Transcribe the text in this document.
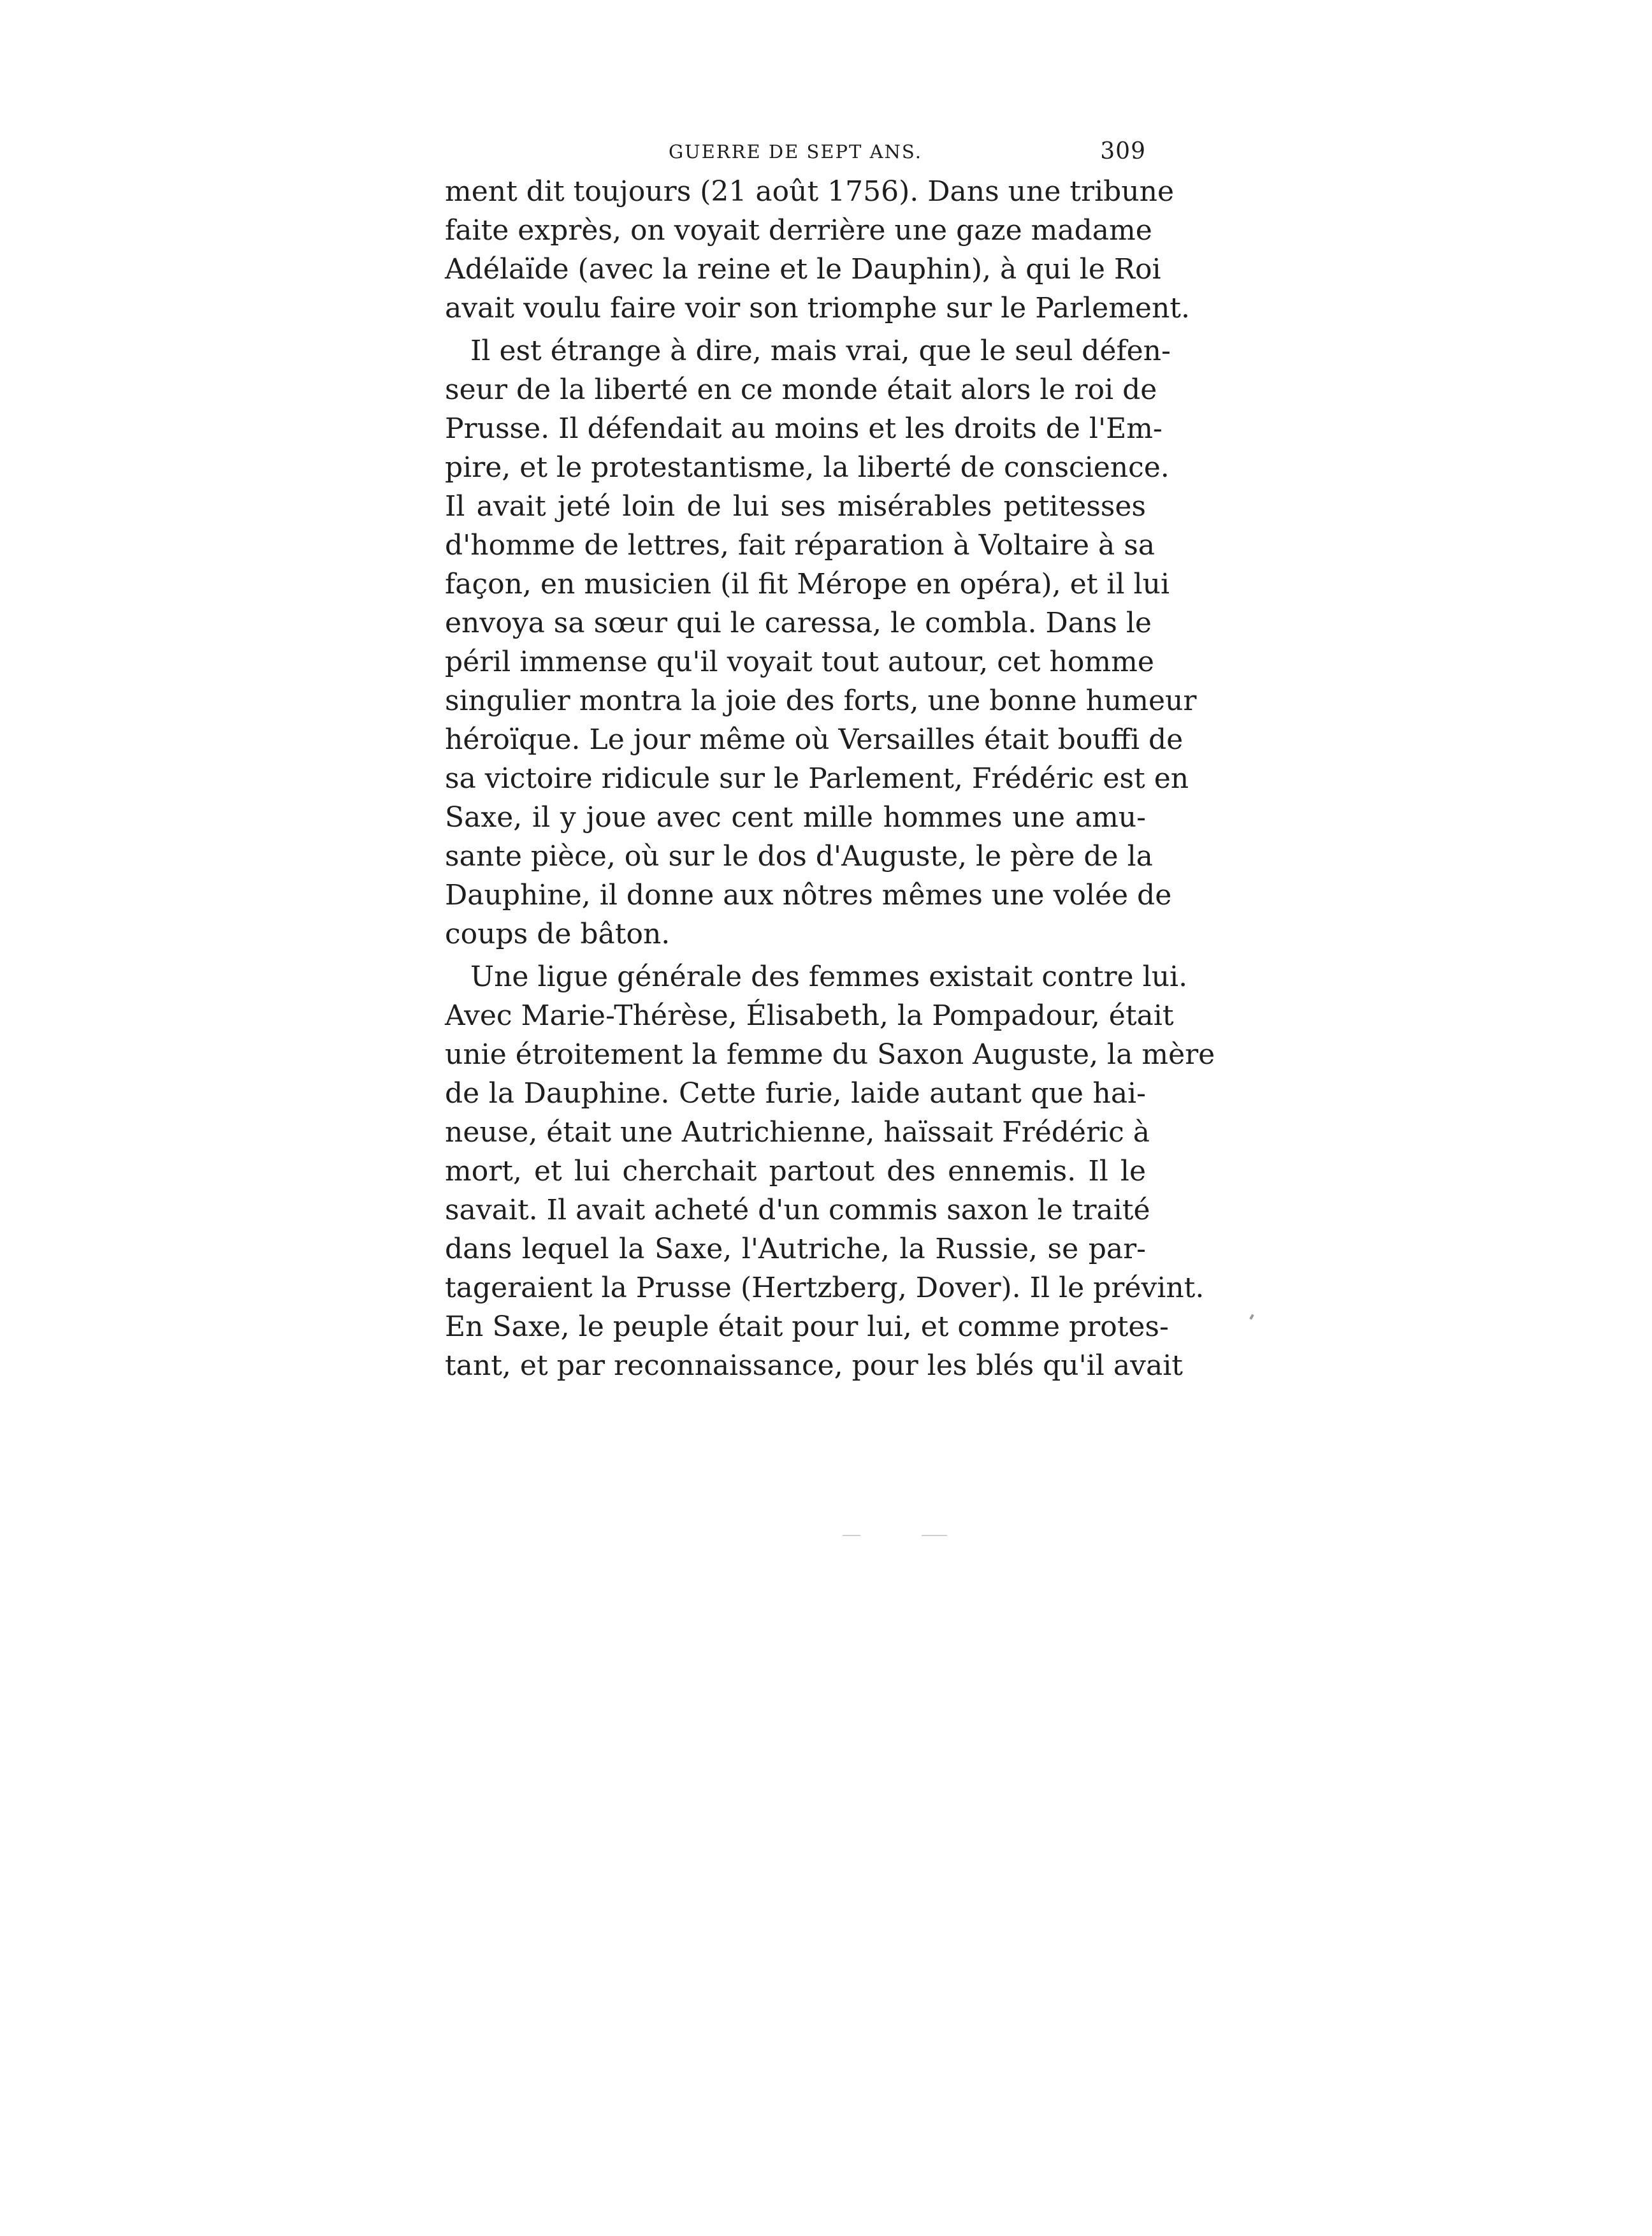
GUERRE DE SEPT ANS.	309
ment dit toujours (21 août 1756). Dans une tribune
faite exprès, on voyait derrière une gaze madame
Adélaïde (avec la reine et le Dauphin), à qui le Roi
avait voulu faire voir son triomphe sur le Parlement.
Il est étrange à dire, mais vrai, que le seul défen-
seur de la liberté en ce monde était alors le roi de
Prusse. Il défendait au moins et les droits de l'Em-
pire, et le protestantisme, la liberté de conscience.
Il avait jeté loin de lui ses misérables petitesses
d'homme de lettres, fait réparation à Voltaire à sa
façon, en musicien (il fit Mérope en opéra), et il lui
envoya sa sœur qui le caressa, le combla. Dans le
péril immense qu'il voyait tout autour, cet homme
singulier montra la joie des forts, une bonne humeur
héroïque. Le jour même où Versailles était bouffi de
sa victoire ridicule sur le Parlement, Frédéric est en
Saxe, il y joue avec cent mille hommes une amu-
sante pièce, où sur le dos d'Auguste, le père de la
Dauphine, il donne aux nôtres mêmes une volée de
coups de bâton.
Une ligue générale des femmes existait contre lui.
Avec Marie-Thérèse, Élisabeth, la Pompadour, était
unie étroitement la femme du Saxon Auguste, la mère
de la Dauphine. Cette furie, laide autant que hai-
neuse, était une Autrichienne, haïssait Frédéric à
mort, et lui cherchait partout des ennemis. Il le
savait. Il avait acheté d'un commis saxon le traité
dans lequel la Saxe, l'Autriche, la Russie, se par-
tageraient la Prusse (Hertzberg, Dover). Il le prévint.
En Saxe, le peuple était pour lui, et comme protes-
tant, et par reconnaissance, pour les blés qu'il avait
